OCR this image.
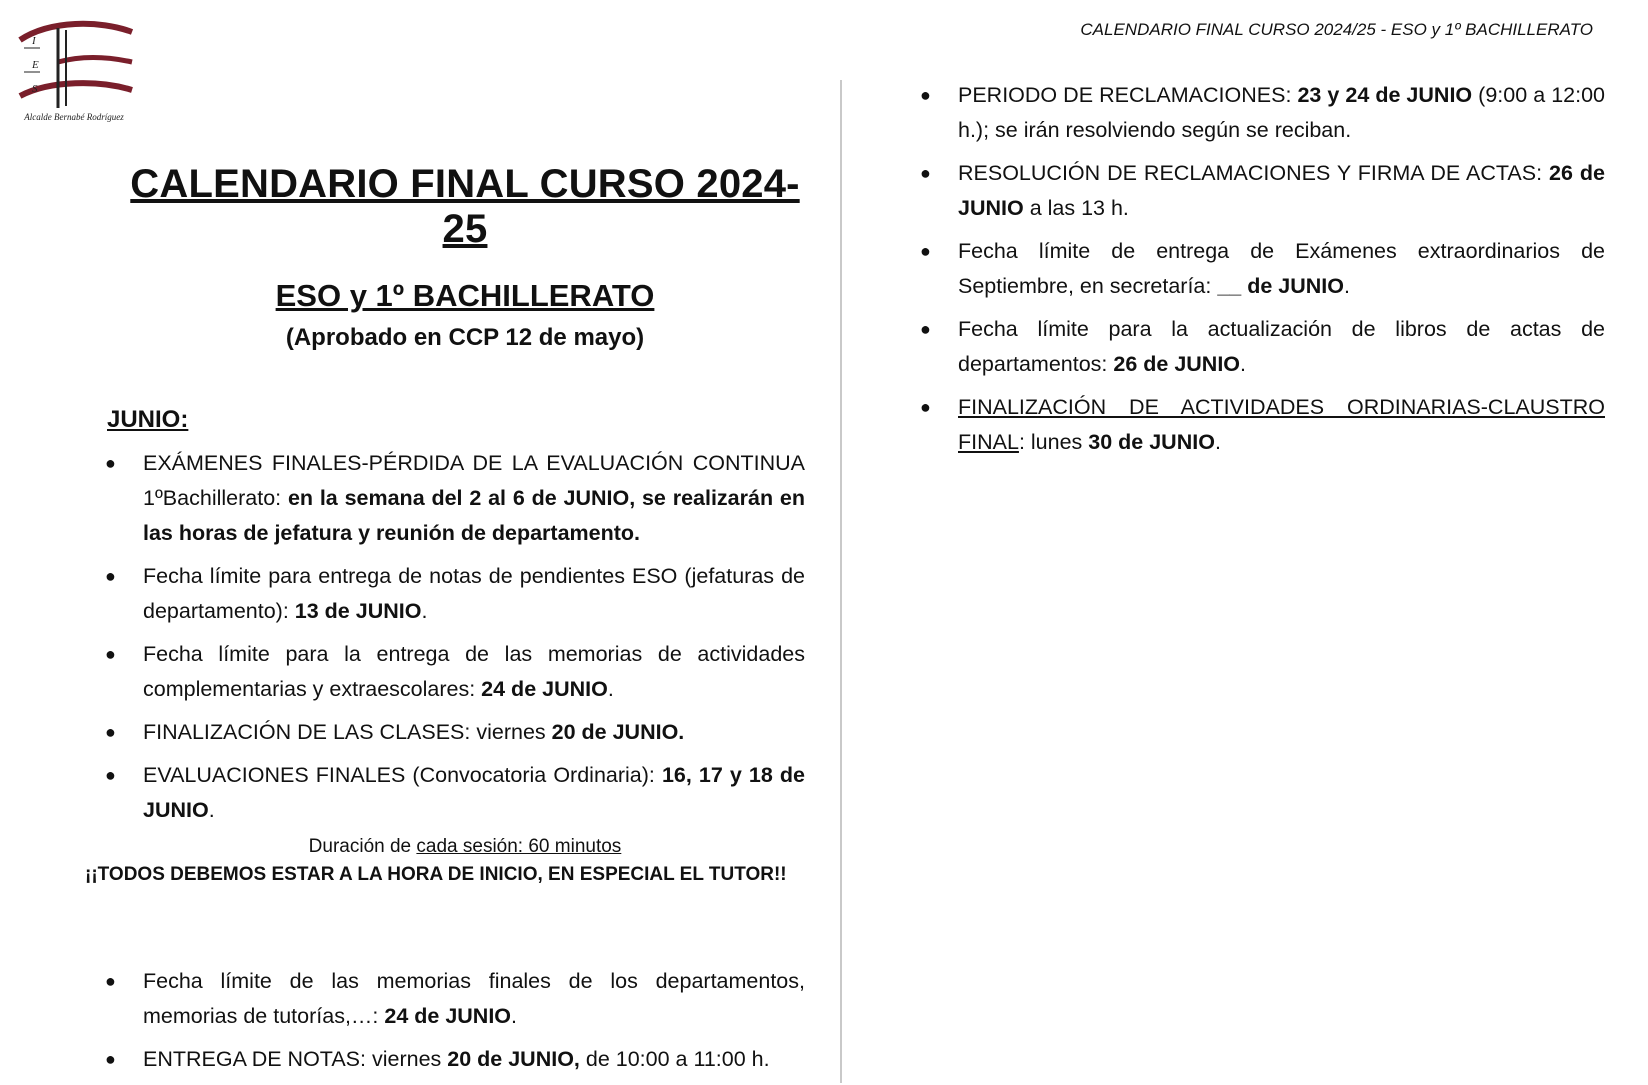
I
E
S
Alcalde Bernabé Rodríguez
CALENDARIO FINAL CURSO 2024/25 - ESO y 1º BACHILLERATO
CALENDARIO FINAL CURSO 2024-25
ESO y 1º BACHILLERATO

(Aprobado en CCP 12 de mayo)

JUNIO:
● EXÁMENES FINALES-PÉRDIDA DE LA EVALUACIÓN CONTINUA 1ºBachillerato: en la semana del 2 al 6 de JUNIO, se realizarán en las horas de jefatura y reunión de departamento.
● Fecha límite para entrega de notas de pendientes ESO (jefaturas de departamento): 13 de JUNIO.
● Fecha límite para la entrega de las memorias de actividades complementarias y extraescolares: 24 de JUNIO.
● FINALIZACIÓN DE LAS CLASES: viernes 20 de JUNIO.
● EVALUACIONES FINALES (Convocatoria Ordinaria): 16, 17 y 18 de JUNIO.
Duración de cada sesión: 60 minutos
¡¡TODOS DEBEMOS ESTAR A LA HORA DE INICIO, EN ESPECIAL EL TUTOR!!
● Fecha límite de las memorias finales de los departamentos, memorias de tutorías,…: 24 de JUNIO.
● ENTREGA DE NOTAS: viernes 20 de JUNIO, de 10:00 a 11:00 h.
● PERIODO DE RECLAMACIONES: 23 y 24 de JUNIO (9:00 a 12:00 h.); se irán resolviendo según se reciban.
● RESOLUCIÓN DE RECLAMACIONES Y FIRMA DE ACTAS: 26 de JUNIO a las 13 h.
● Fecha límite de entrega de Exámenes extraordinarios de Septiembre, en secretaría: __ de JUNIO.
● Fecha límite para la actualización de libros de actas de departamentos: 26 de JUNIO.
● FINALIZACIÓN DE ACTIVIDADES ORDINARIAS-CLAUSTRO FINAL: lunes 30 de JUNIO.
